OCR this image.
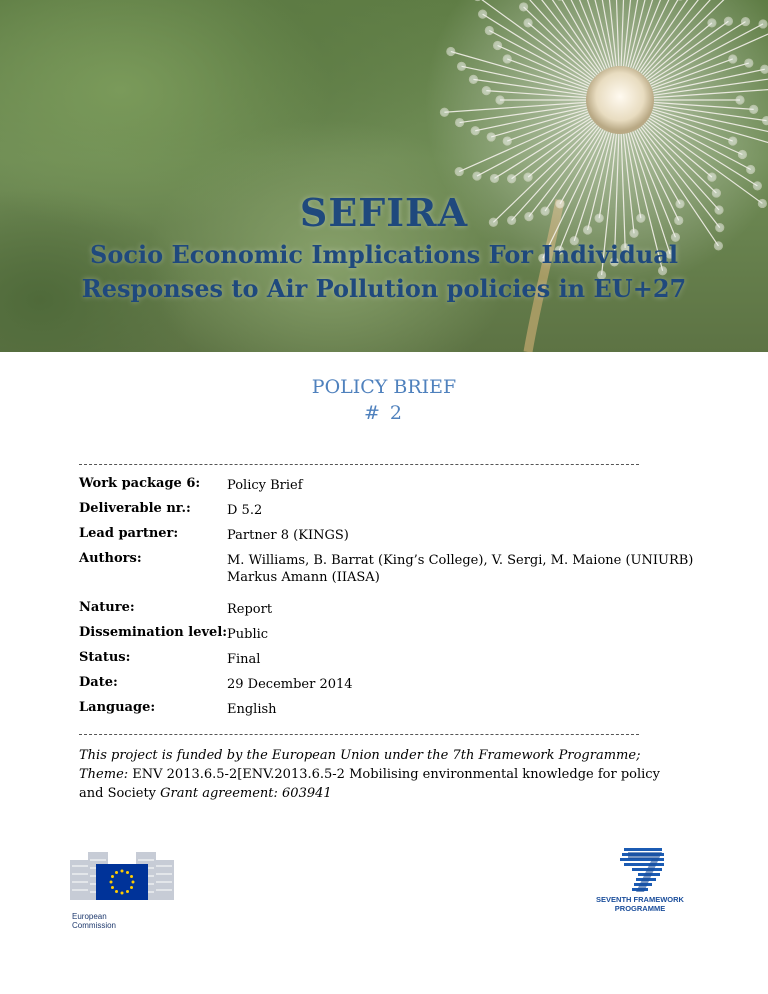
SEFIRA
Socio Economic Implications For Individual
Responses to Air Pollution policies in EU+27
POLICY BRIEF
# 2
Work package 6: Policy Brief
Deliverable nr.:	D 5.2
Lead partner:	Partner 8 (KINGS)
Authors:	M. Williams, B. Barrat (King’s College), V. Sergi, M. Maione (UNIURB)
Markus Amann (IIASA)
Nature:	Report
Dissemination level: Public
Status:	Final
Date:	29 December 2014
Language:	English
This project is funded by the European Union under the 7th Framework Programme;
Theme: ENV 2013.6.5-2[ENV.2013.6.5-2 Mobilising environmental knowledge for policy and Society Grant agreement: 603941
European
Commission
SEVENTH FRAMEWORK
PROGRAMME
